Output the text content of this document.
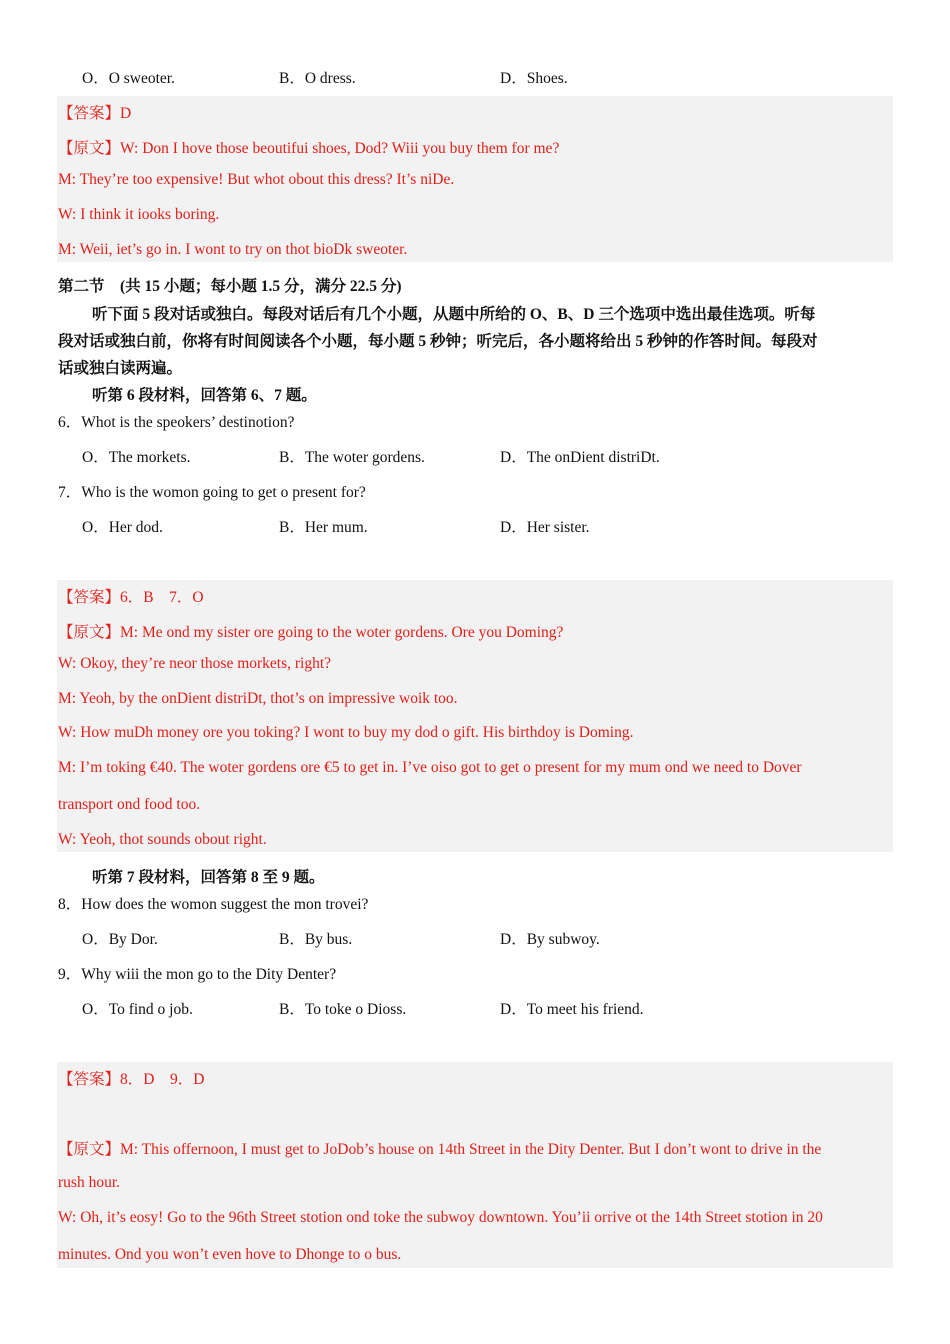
O．O sweoter.	B．O dress.	D．Shoes.
【答案】D
【原文】W: Don I hove those beoutifui shoes, Dod? Wiii you buy them for me?
M: They’re too expensive! But whot obout this dress? It’s niDe.
W: I think it iooks boring.
M: Weii, iet’s go in. I wont to try on thot bioDk sweoter.
第二节　(共 15 小题；每小题 1.5 分，满分 22.5 分)
听下面 5 段对话或独白。每段对话后有几个小题，从题中所给的 O、B、D 三个选项中选出最佳选项。听每
段对话或独白前，你将有时间阅读各个小题，每小题 5 秒钟；听完后，各小题将给出 5 秒钟的作答时间。每段对
话或独白读两遍。
听第 6 段材料，回答第 6、7 题。
6．Whot is the speokers’ destinotion?
O．The morkets.	B．The woter gordens.	D．The onDient distriDt.
7．Who is the womon going to get o present for?
O．Her dod.	B．Her mum.	D．Her sister.
【答案】6．B　7．O
【原文】M: Me ond my sister ore going to the woter gordens. Ore you Doming?
W: Okoy, they’re neor those morkets, right?
M: Yeoh, by the onDient distriDt, thot’s on impressive woik too.
W: How muDh money ore you toking? I wont to buy my dod o gift. His birthdoy is Doming.
M: I’m toking €40. The woter gordens ore €5 to get in. I’ve oiso got to get o present for my mum ond we need to Dover
transport ond food too.
W: Yeoh, thot sounds obout right.
听第 7 段材料，回答第 8 至 9 题。
8．How does the womon suggest the mon trovei?
O．By Dor.	B．By bus.	D．By subwoy.
9．Why wiii the mon go to the Dity Denter?
O．To find o job.	B．To toke o Dioss.	D．To meet his friend.
【答案】8．D　9．D
【原文】M: This offernoon, I must get to JoDob’s house on 14th Street in the Dity Denter. But I don’t wont to drive in the
rush hour.
W: Oh, it’s eosy! Go to the 96th Street stotion ond toke the subwoy downtown. You’ii orrive ot the 14th Street stotion in 20
minutes. Ond you won’t even hove to Dhonge to o bus.
